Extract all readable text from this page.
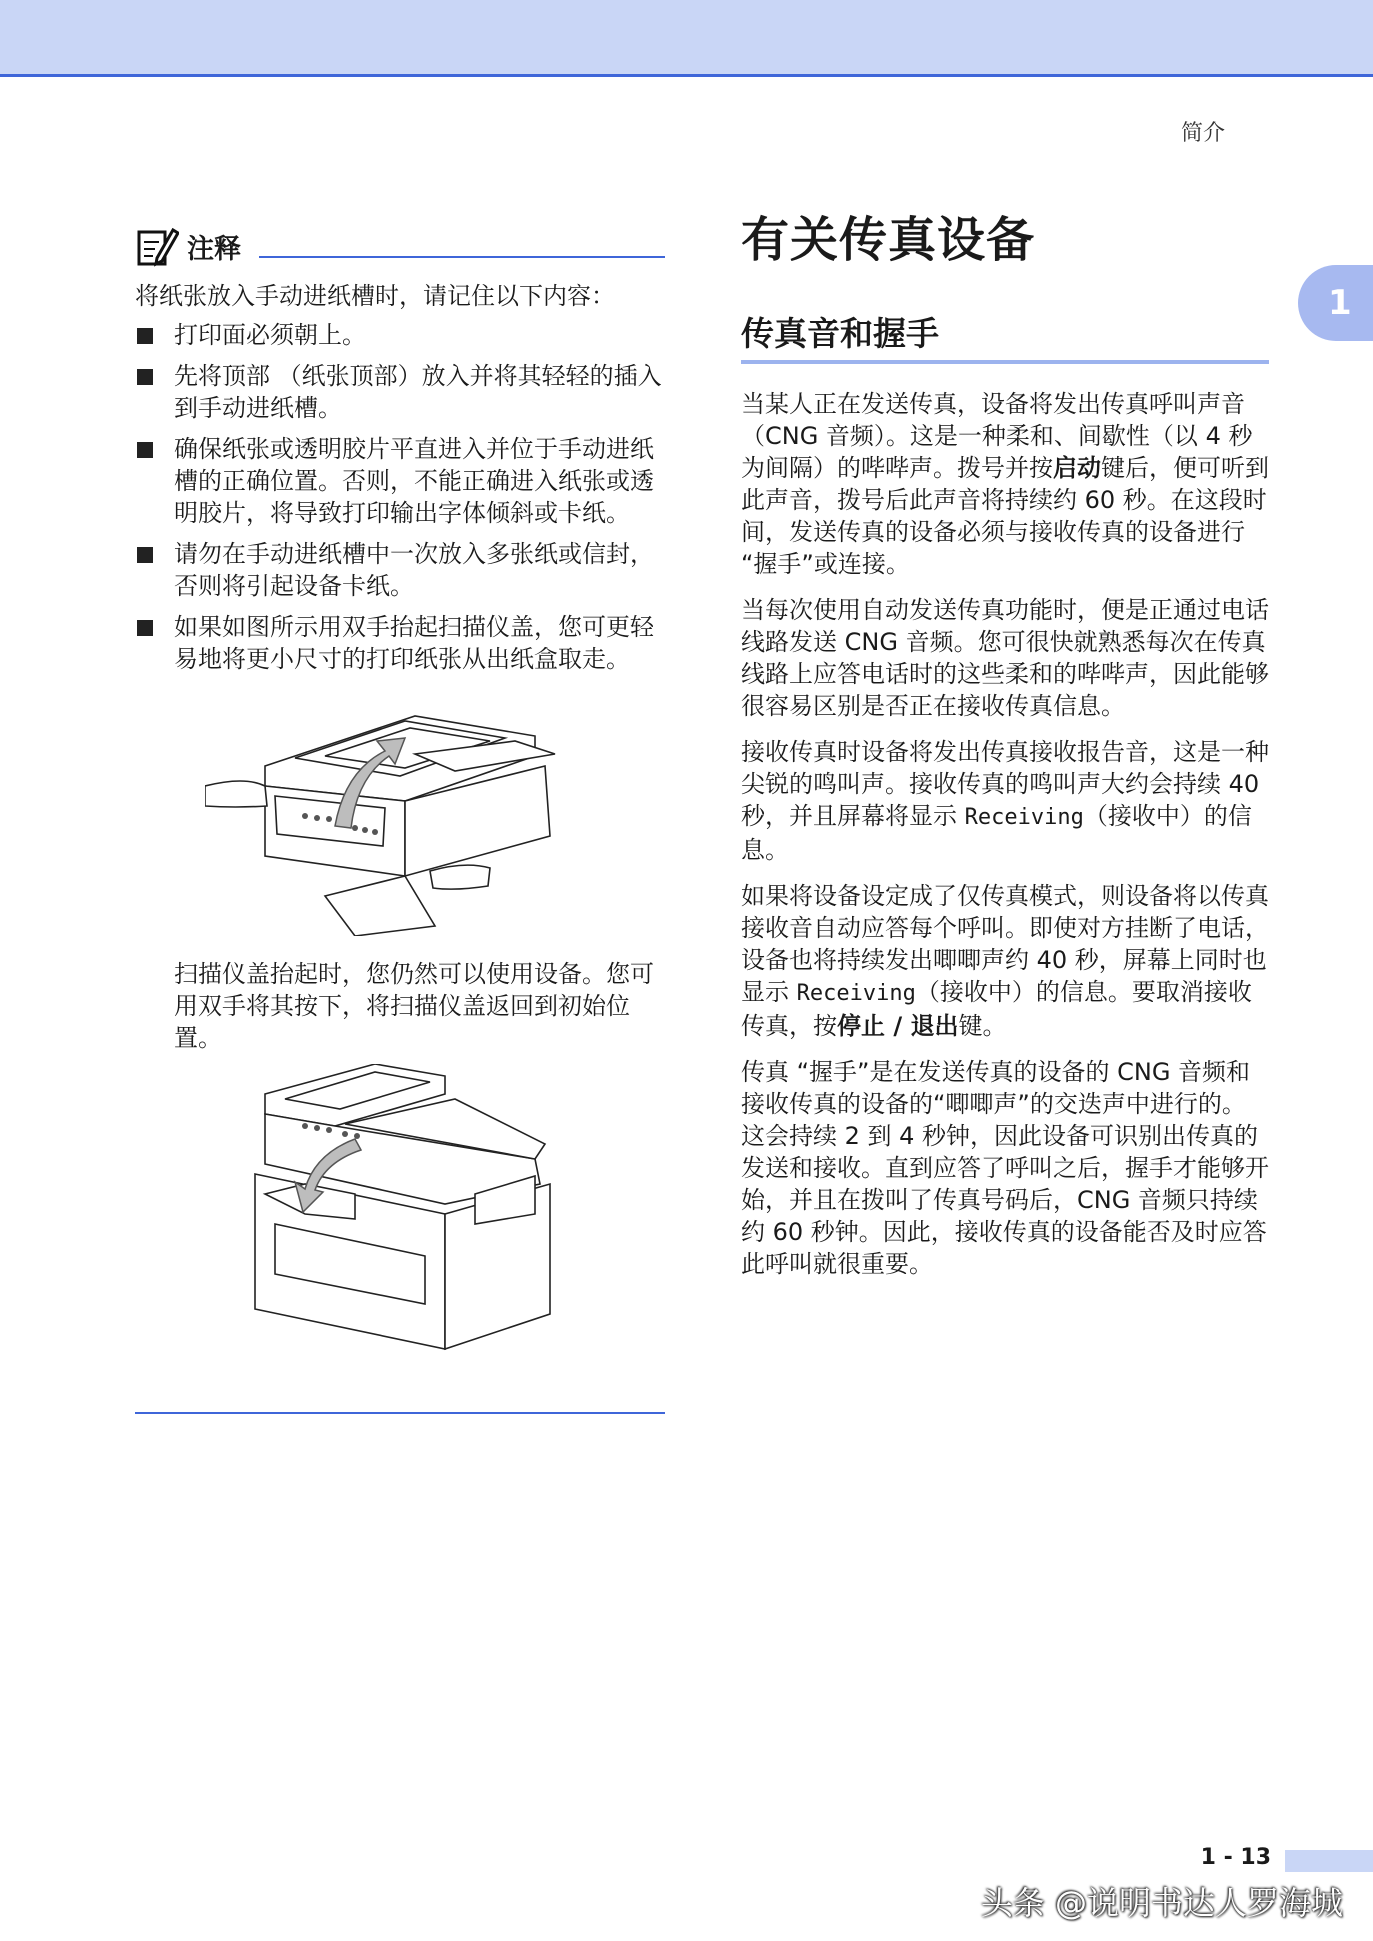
简介
1
注释
将纸张放入手动进纸槽时，请记住以下内容：
打印面必须朝上。
先将顶部 （纸张顶部）放入并将其轻轻的插入到手动进纸槽。
确保纸张或透明胶片平直进入并位于手动进纸槽的正确位置。否则，不能正确进入纸张或透明胶片，将导致打印输出字体倾斜或卡纸。
请勿在手动进纸槽中一次放入多张纸或信封，否则将引起设备卡纸。
如果如图所示用双手抬起扫描仪盖，您可更轻易地将更小尺寸的打印纸张从出纸盒取走。
扫描仪盖抬起时，您仍然可以使用设备。您可用双手将其按下，将扫描仪盖返回到初始位置。
有关传真设备
传真音和握手

当某人正在发送传真，设备将发出传真呼叫声音（CNG 音频）。这是一种柔和、间歇性（以 4 秒为间隔）的哔哔声。拨号并按启动键后，便可听到此声音，拨号后此声音将持续约 60 秒。在这段时间，发送传真的设备必须与接收传真的设备进行 “握手”或连接。

当每次使用自动发送传真功能时，便是正通过电话线路发送 CNG 音频。您可很快就熟悉每次在传真线路上应答电话时的这些柔和的哔哔声，因此能够很容易区别是否正在接收传真信息。

接收传真时设备将发出传真接收报告音，这是一种尖锐的鸣叫声。接收传真的鸣叫声大约会持续 40 秒，并且屏幕将显示 Receiving（接收中）的信息。

如果将设备设定成了仅传真模式，则设备将以传真接收音自动应答每个呼叫。即使对方挂断了电话，设备也将持续发出唧唧声约 40 秒，屏幕上同时也显示 Receiving（接收中）的信息。要取消接收传真，按停止 / 退出键。

传真 “握手”是在发送传真的设备的 CNG 音频和接收传真的设备的“唧唧声”的交迭声中进行的。这会持续 2 到 4 秒钟，因此设备可识别出传真的发送和接收。直到应答了呼叫之后，握手才能够开始，并且在拨叫了传真号码后，CNG 音频只持续约 60 秒钟。因此，接收传真的设备能否及时应答此呼叫就很重要。

1 - 13
头条 @说明书达人罗海城
